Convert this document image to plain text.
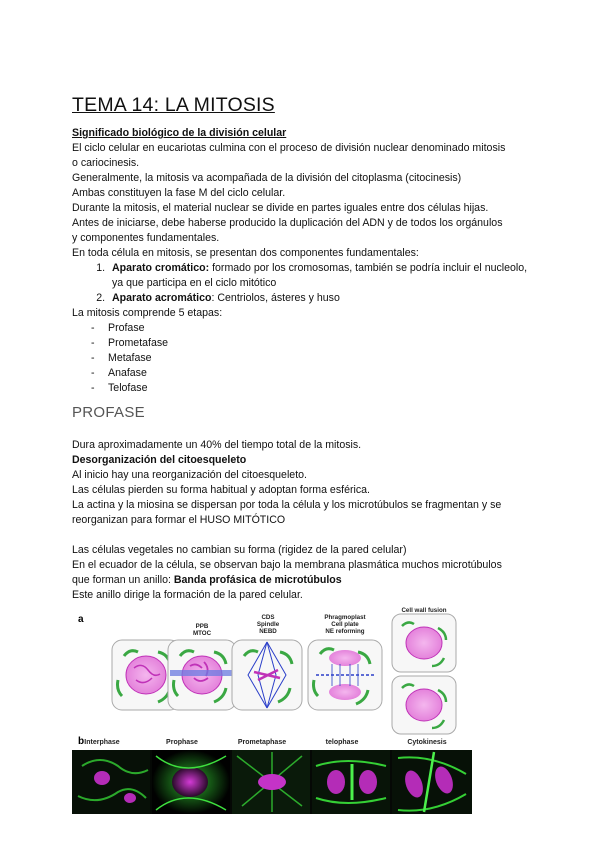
TEMA 14: LA MITOSIS
Significado biológico de la división celular
El ciclo celular en eucariotas culmina con el proceso de división nuclear denominado mitosis
o cariocinesis.
Generalmente, la mitosis va acompañada de la división del citoplasma (citocinesis)
Ambas constituyen la fase M del ciclo celular.
Durante la mitosis, el material nuclear se divide en partes iguales entre dos células hijas.
Antes de iniciarse, debe haberse producido la duplicación del ADN y de todos los orgánulos
y componentes fundamentales.
En toda célula en mitosis, se presentan dos componentes fundamentales:
1. Aparato cromático: formado por los cromosomas, también se podría incluir el nucleolo, ya que participa en el ciclo mitótico
2. Aparato acromático: Centriolos, ásteres y huso
La mitosis comprende 5 etapas:
- Profase
- Prometafase
- Metafase
- Anafase
- Telofase
PROFASE
Dura aproximadamente un 40% del tiempo total de la mitosis.
Desorganización del citoesqueleto
Al inicio hay una reorganización del citoesqueleto.
Las células pierden su forma habitual y adoptan forma esférica.
La actina y la miosina se dispersan por toda la célula y los microtúbulos se fragmentan y se
reorganizan para formar el HUSO MITÓTICO
Las células vegetales no cambian su forma (rigidez de la pared celular)
En el ecuador de la célula, se observan bajo la membrana plasmática muchos microtúbulos
que forman un anillo: Banda profásica de microtúbulos
Este anillo dirige la formación de la pared celular.
a
PPB
MTOC
CDS
Spindle
NEBD
Phragmoplast
Cell plate
NE reforming
Cell wall fusion
b Interphase	Prophase	Prometaphase	telophase	Cytokinesis
